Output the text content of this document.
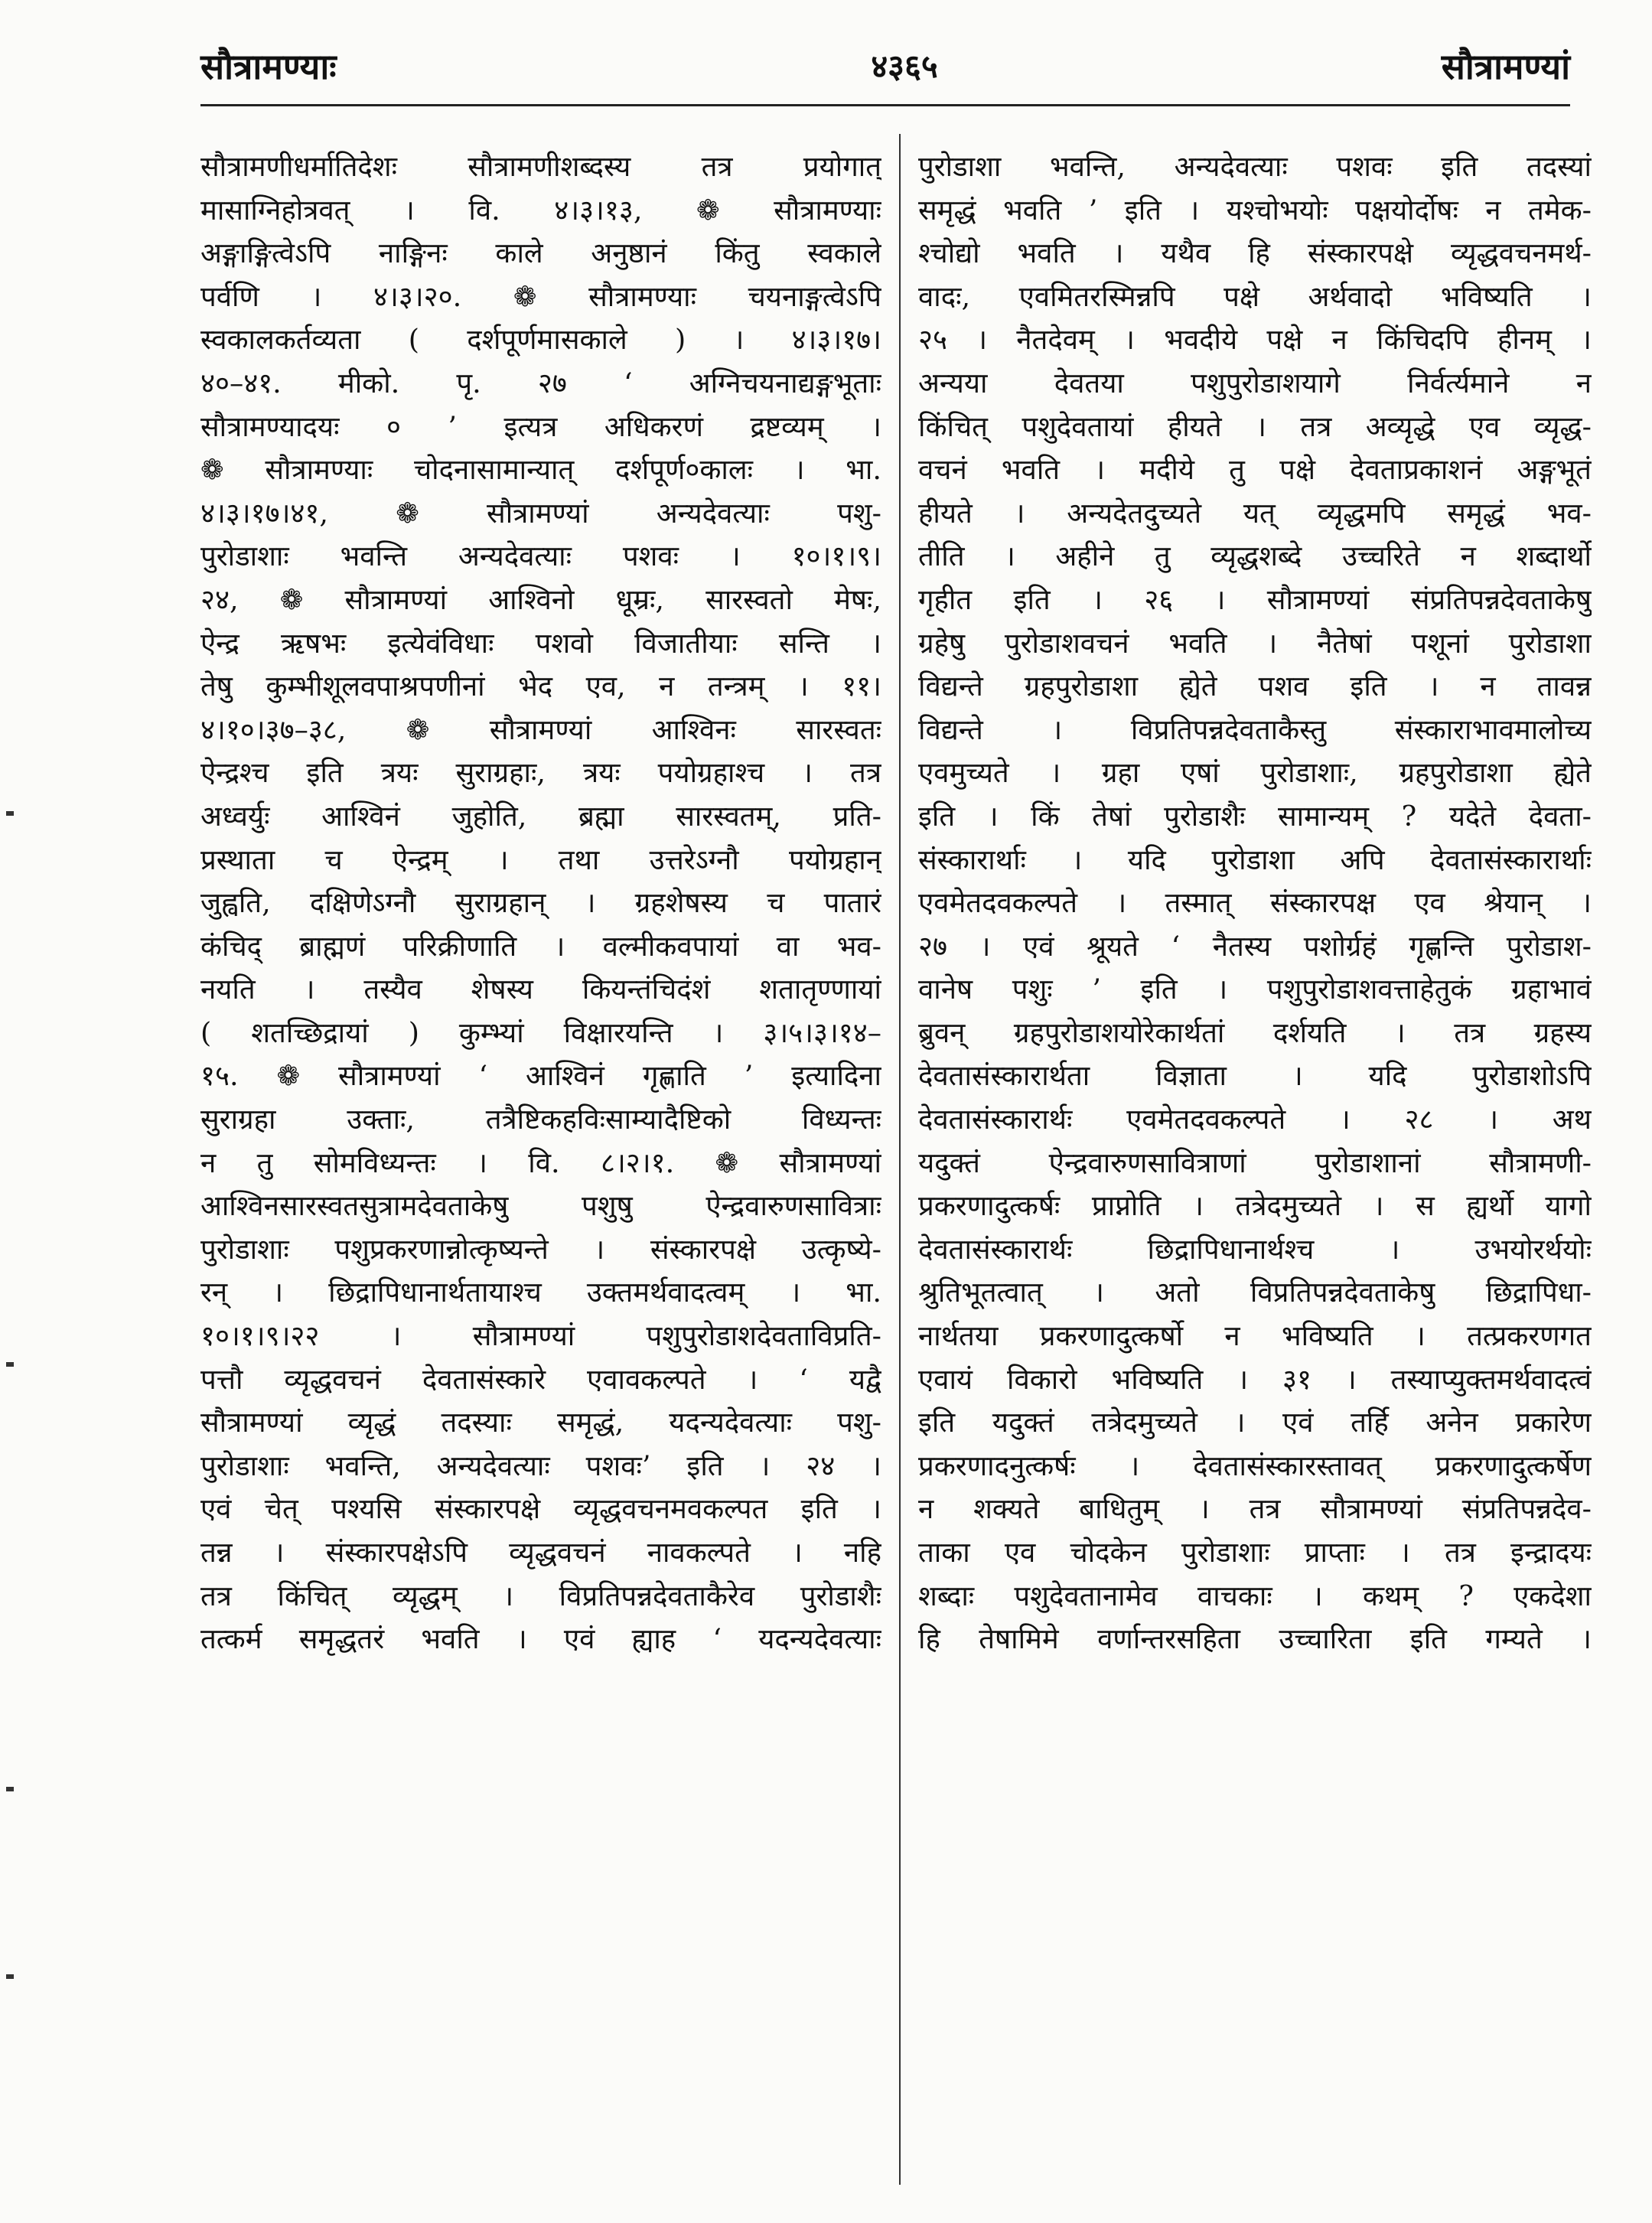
सौत्रामण्याः	४३६५	सौत्रामण्यां
सौत्रामणीधर्मातिदेशः सौत्रामणीशब्दस्य तत्र प्रयोगात्
मासाग्निहोत्रवत् । वि. ४।३।१३, ❁ सौत्रामण्याः
अङ्गाङ्गित्वेऽपि नाङ्गिनः काले अनुष्ठानं किंतु स्वकाले
पर्वणि । ४।३।२०. ❁ सौत्रामण्याः चयनाङ्गत्वेऽपि
स्वकालकर्तव्यता ( दर्शपूर्णमासकाले ) । ४।३।१७।
४०–४१. मीको. पृ. २७ ‘ अग्निचयनाद्यङ्गभूताः
सौत्रामण्यादयः ० ’ इत्यत्र अधिकरणं द्रष्टव्यम् ।
❁ सौत्रामण्याः चोदनासामान्यात् दर्शपूर्ण०कालः । भा.
४।३।१७।४१, ❁ सौत्रामण्यां अन्यदेवत्याः पशु-
पुरोडाशाः भवन्ति अन्यदेवत्याः पशवः । १०।१।९।
२४, ❁ सौत्रामण्यां आश्विनो धूम्रः, सारस्वतो मेषः,
ऐन्द्र ऋषभः इत्येवंविधाः पशवो विजातीयाः सन्ति ।
तेषु कुम्भीशूलवपाश्रपणीनां भेद एव, न तन्त्रम् । ११।
४।१०।३७–३८, ❁ सौत्रामण्यां आश्विनः सारस्वतः
ऐन्द्रश्च इति त्रयः सुराग्रहाः, त्रयः पयोग्रहाश्च । तत्र
अध्वर्युः आश्विनं जुहोति, ब्रह्मा सारस्वतम्, प्रति-
प्रस्थाता च ऐन्द्रम् । तथा उत्तरेऽग्नौ पयोग्रहान्
जुह्वति, दक्षिणेऽग्नौ सुराग्रहान् । ग्रहशेषस्य च पातारं
कंचिद् ब्राह्मणं परिक्रीणाति । वल्मीकवपायां वा भव-
नयति । तस्यैव शेषस्य कियन्तंचिदंशं शतातृण्णायां
( शतच्छिद्रायां ) कुम्भ्यां विक्षारयन्ति । ३।५।३।१४–
१५. ❁ सौत्रामण्यां ‘ आश्विनं गृह्णाति ’ इत्यादिना
सुराग्रहा उक्ताः, तत्रैष्टिकहविःसाम्यादैष्टिको विध्यन्तः
न तु सोमविध्यन्तः । वि. ८।२।१. ❁ सौत्रामण्यां
आश्विनसारस्वतसुत्रामदेवताकेषु पशुषु ऐन्द्रवारुणसावित्राः
पुरोडाशाः पशुप्रकरणान्नोत्कृष्यन्ते । संस्कारपक्षे उत्कृष्ये-
रन् । छिद्रापिधानार्थतायाश्च उक्तमर्थवादत्वम् । भा.
१०।१।९।२२ । सौत्रामण्यां पशुपुरोडाशदेवताविप्रति-
पत्तौ व्यृद्धवचनं देवतासंस्कारे एवावकल्पते । ‘ यद्वै
सौत्रामण्यां व्यृद्धं तदस्याः समृद्धं, यदन्यदेवत्याः पशु-
पुरोडाशाः भवन्ति, अन्यदेवत्याः पशवः’ इति । २४ ।
एवं चेत् पश्यसि संस्कारपक्षे व्यृद्धवचनमवकल्पत इति ।
तन्न । संस्कारपक्षेऽपि व्यृद्धवचनं नावकल्पते । नहि
तत्र किंचित् व्यृद्धम् । विप्रतिपन्नदेवताकैरेव पुरोडाशैः
तत्कर्म समृद्धतरं भवति । एवं ह्याह ‘ यदन्यदेवत्याः
पुरोडाशा भवन्ति, अन्यदेवत्याः पशवः इति तदस्यां
समृद्धं भवति ’ इति । यश्चोभयोः पक्षयोर्दोषः न तमेक-
श्चोद्यो भवति । यथैव हि संस्कारपक्षे व्यृद्धवचनमर्थ-
वादः, एवमितरस्मिन्नपि पक्षे अर्थवादो भविष्यति ।
२५ । नैतदेवम् । भवदीये पक्षे न किंचिदपि हीनम् ।
अन्यया देवतया पशुपुरोडाशयागे निर्वर्त्यमाने न
किंचित् पशुदेवतायां हीयते । तत्र अव्यृद्धे एव व्यृद्ध-
वचनं भवति । मदीये तु पक्षे देवताप्रकाशनं अङ्गभूतं
हीयते । अन्यदेतदुच्यते यत् व्यृद्धमपि समृद्धं भव-
तीति । अहीने तु व्यृद्धशब्दे उच्चरिते न शब्दार्थो
गृहीत इति । २६ । सौत्रामण्यां संप्रतिपन्नदेवताकेषु
ग्रहेषु पुरोडाशवचनं भवति । नैतेषां पशूनां पुरोडाशा
विद्यन्ते ग्रहपुरोडाशा ह्येते पशव इति । न तावन्न
विद्यन्ते । विप्रतिपन्नदेवताकैस्तु संस्काराभावमालोच्य
एवमुच्यते । ग्रहा एषां पुरोडाशाः, ग्रहपुरोडाशा ह्येते
इति । किं तेषां पुरोडाशैः सामान्यम् ? यदेते देवता-
संस्कारार्थाः । यदि पुरोडाशा अपि देवतासंस्कारार्थाः
एवमेतदवकल्पते । तस्मात् संस्कारपक्ष एव श्रेयान् ।
२७ । एवं श्रूयते ‘ नैतस्य पशोर्ग्रहं गृह्णन्ति पुरोडाश-
वानेष पशुः ’ इति । पशुपुरोडाशवत्ताहेतुकं ग्रहाभावं
ब्रुवन् ग्रहपुरोडाशयोरेकार्थतां दर्शयति । तत्र ग्रहस्य
देवतासंस्कारार्थता विज्ञाता । यदि पुरोडाशोऽपि
देवतासंस्कारार्थः एवमेतदवकल्पते । २८ । अथ
यदुक्तं ऐन्द्रवारुणसावित्राणां पुरोडाशानां सौत्रामणी-
प्रकरणादुत्कर्षः प्राप्नोति । तत्रेदमुच्यते । स ह्यर्थो यागो
देवतासंस्कारार्थः छिद्रापिधानार्थश्च । उभयोरर्थयोः
श्रुतिभूतत्वात् । अतो विप्रतिपन्नदेवताकेषु छिद्रापिधा-
नार्थतया प्रकरणादुत्कर्षो न भविष्यति । तत्प्रकरणगत
एवायं विकारो भविष्यति । ३१ । तस्याप्युक्तमर्थवादत्वं
इति यदुक्तं तत्रेदमुच्यते । एवं तर्हि अनेन प्रकारेण
प्रकरणादनुत्कर्षः । देवतासंस्कारस्तावत् प्रकरणादुत्कर्षेण
न शक्यते बाधितुम् । तत्र सौत्रामण्यां संप्रतिपन्नदेव-
ताका एव चोदकेन पुरोडाशाः प्राप्ताः । तत्र इन्द्रादयः
शब्दाः पशुदेवतानामेव वाचकाः । कथम् ? एकदेशा
हि तेषामिमे वर्णान्तरसहिता उच्चारिता इति गम्यते ।
